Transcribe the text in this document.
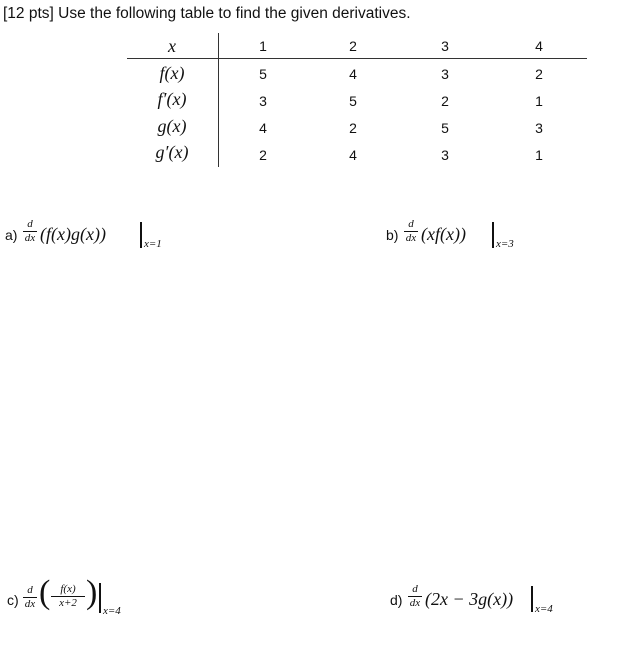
[12 pts] Use the following table to find the given derivatives.
x	1	2	3	4
f(x)	5	4	3	2
f′(x)	3	5	2	1
g(x)	4	2	5	3
g′(x)	2	4	3	1
a)
d
dx (f(x)g(x))	x=1
b)
d
dx (xf(x))	x=3
c)
d
dx ( f(x)
x+2 ) x=4
d)
d
dx (2x − 3g(x)) x=4
